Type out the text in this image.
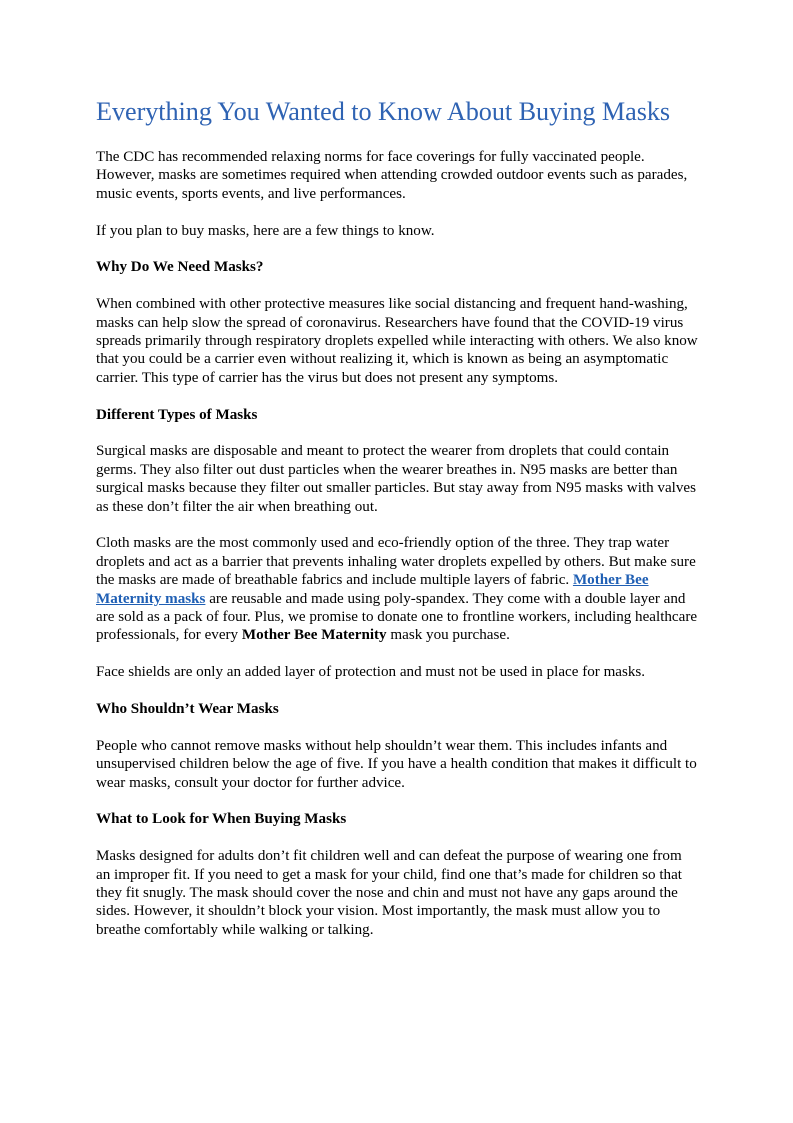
Everything You Wanted to Know About Buying Masks

The CDC has recommended relaxing norms for face coverings for fully vaccinated people. However, masks are sometimes required when attending crowded outdoor events such as parades, music events, sports events, and live performances.

If you plan to buy masks, here are a few things to know.

Why Do We Need Masks?

When combined with other protective measures like social distancing and frequent hand-washing, masks can help slow the spread of coronavirus. Researchers have found that the COVID-19 virus spreads primarily through respiratory droplets expelled while interacting with others. We also know that you could be a carrier even without realizing it, which is known as being an asymptomatic carrier. This type of carrier has the virus but does not present any symptoms.

Different Types of Masks

Surgical masks are disposable and meant to protect the wearer from droplets that could contain germs. They also filter out dust particles when the wearer breathes in. N95 masks are better than surgical masks because they filter out smaller particles. But stay away from N95 masks with valves as these don’t filter the air when breathing out.

Cloth masks are the most commonly used and eco-friendly option of the three. They trap water droplets and act as a barrier that prevents inhaling water droplets expelled by others. But make sure the masks are made of breathable fabrics and include multiple layers of fabric. Mother Bee Maternity masks are reusable and made using poly-spandex. They come with a double layer and are sold as a pack of four. Plus, we promise to donate one to frontline workers, including healthcare professionals, for every Mother Bee Maternity mask you purchase.

Face shields are only an added layer of protection and must not be used in place for masks.

Who Shouldn’t Wear Masks

People who cannot remove masks without help shouldn’t wear them. This includes infants and unsupervised children below the age of five. If you have a health condition that makes it difficult to wear masks, consult your doctor for further advice.

What to Look for When Buying Masks

Masks designed for adults don’t fit children well and can defeat the purpose of wearing one from an improper fit. If you need to get a mask for your child, find one that’s made for children so that they fit snugly. The mask should cover the nose and chin and must not have any gaps around the sides. However, it shouldn’t block your vision. Most importantly, the mask must allow you to breathe comfortably while walking or talking.
